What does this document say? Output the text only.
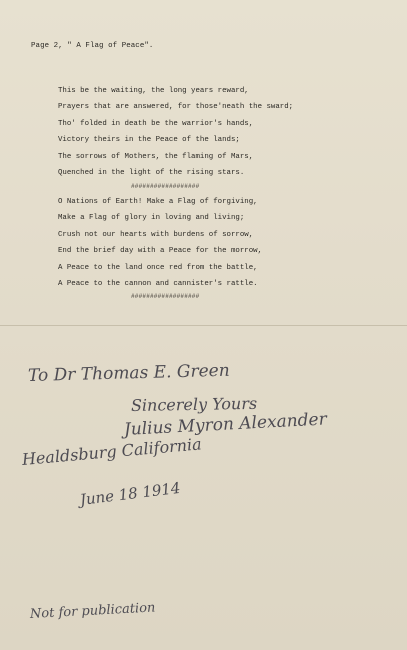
Page 2, " A Flag of Peace".
This be the waiting, the long years reward,
Prayers that are answered, for those'neath the sward;
Tho' folded in death be the warrior's hands,
Victory theirs in the Peace of the lands;
The sorrows of Mothers, the flaming of Mars,
Quenched in the light of the rising stars.
##################
O Nations of Earth! Make a Flag of forgiving,
Make a Flag of glory in loving and living;
Crush not our hearts with burdens of sorrow,
End the brief day with a Peace for the morrow,
A Peace to the land once red from the battle,
A Peace to the cannon and cannister's rattle.
##################
To Dr Thomas E. Green
Sincerely Yours
Julius Myron Alexander
Healdsburg California
June 18 1914
Not for publication
